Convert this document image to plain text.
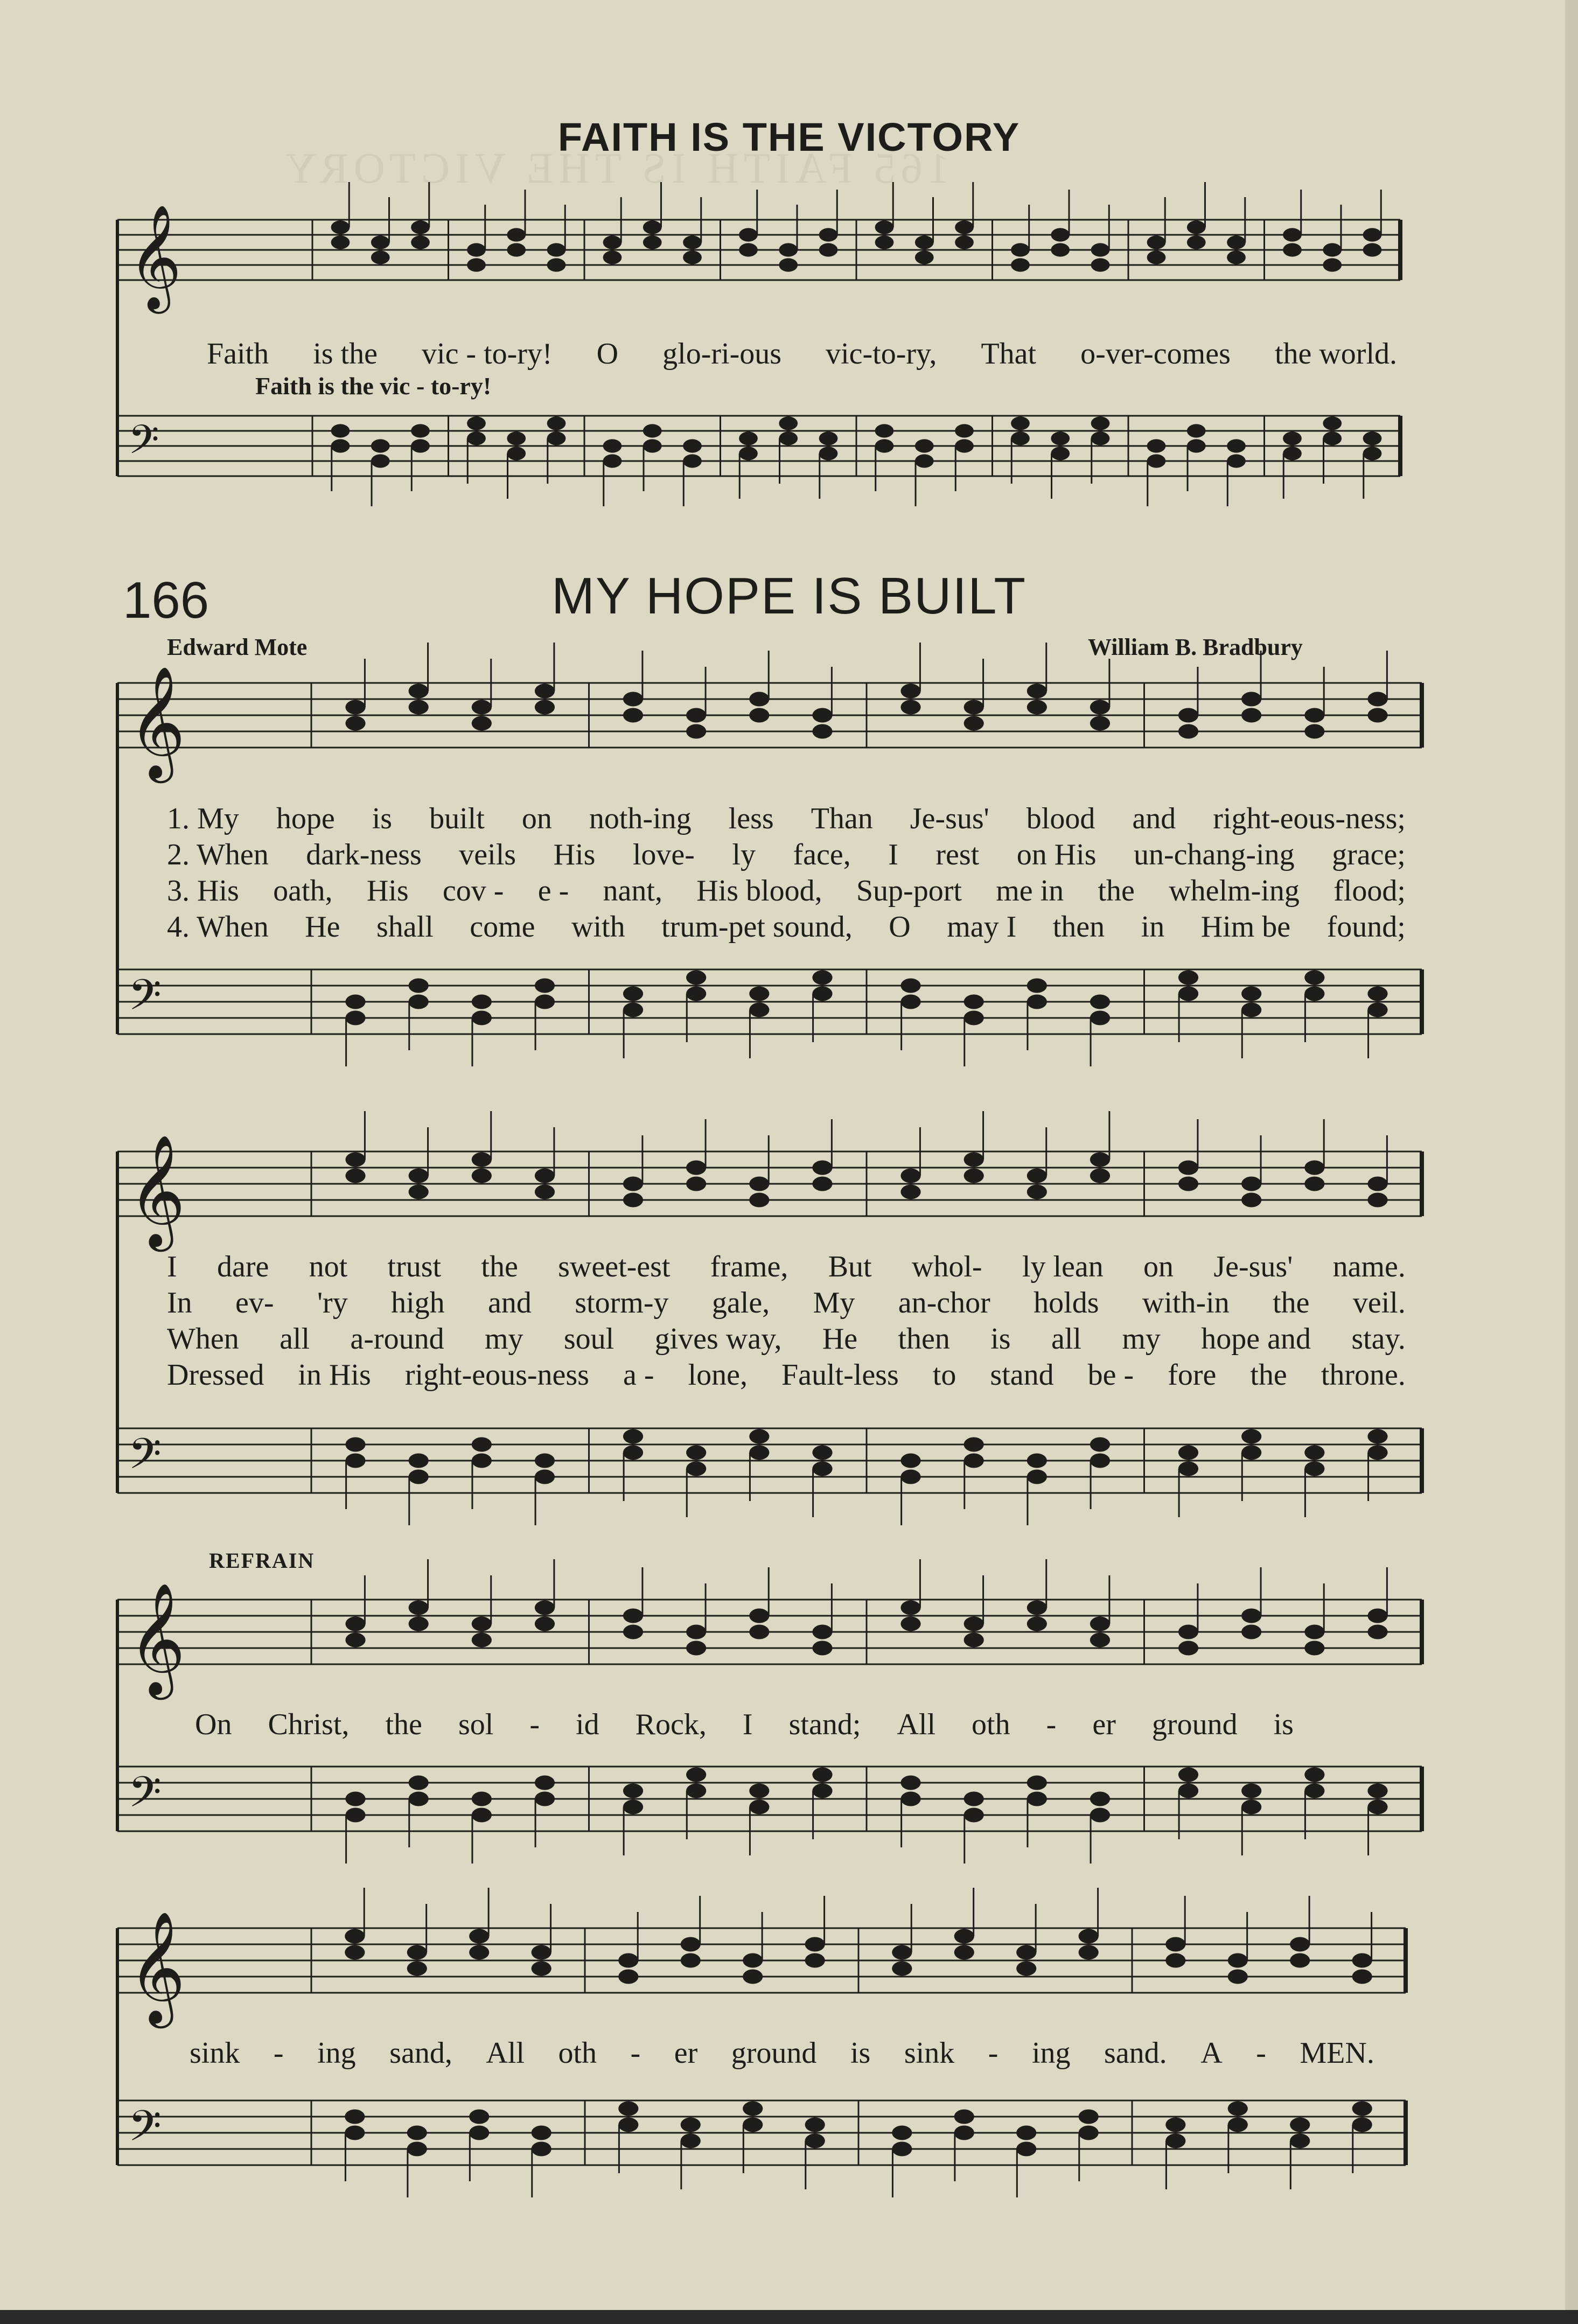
165 FAITH IS THE VICTORY
𝄞
𝄢
𝄞
𝄢
𝄞
𝄢
𝄞
𝄢
𝄞
𝄢
FAITH IS THE VICTORY
Faith is the vic - to-ry! O glo-ri-ous vic-to-ry, That o-ver-comes the world.
Faith is the vic - to-ry!
166	MY HOPE IS BUILT
Edward Mote	William B. Bradbury
1. My hope is built on noth-ing less Than Je-sus' blood and right-eous-ness;
2. When dark-ness veils His love- ly face, I rest on His un-chang-ing grace;
3. His oath, His cov - e - nant, His blood, Sup-port me in the whelm-ing flood;
4. When He shall come with trum-pet sound, O may I then in Him be found;
I dare not trust the sweet-est frame, But whol- ly lean on Je-sus' name.
In ev- 'ry high and storm-y gale, My an-chor holds with-in the veil.
When all a-round my soul gives way, He then is all my hope and stay.
Dressed in His right-eous-ness a - lone, Fault-less to stand be - fore the throne.
REFRAIN
On Christ, the sol - id Rock, I stand; All oth - er ground is
sink - ing sand, All oth - er ground is sink - ing sand. A - MEN.
